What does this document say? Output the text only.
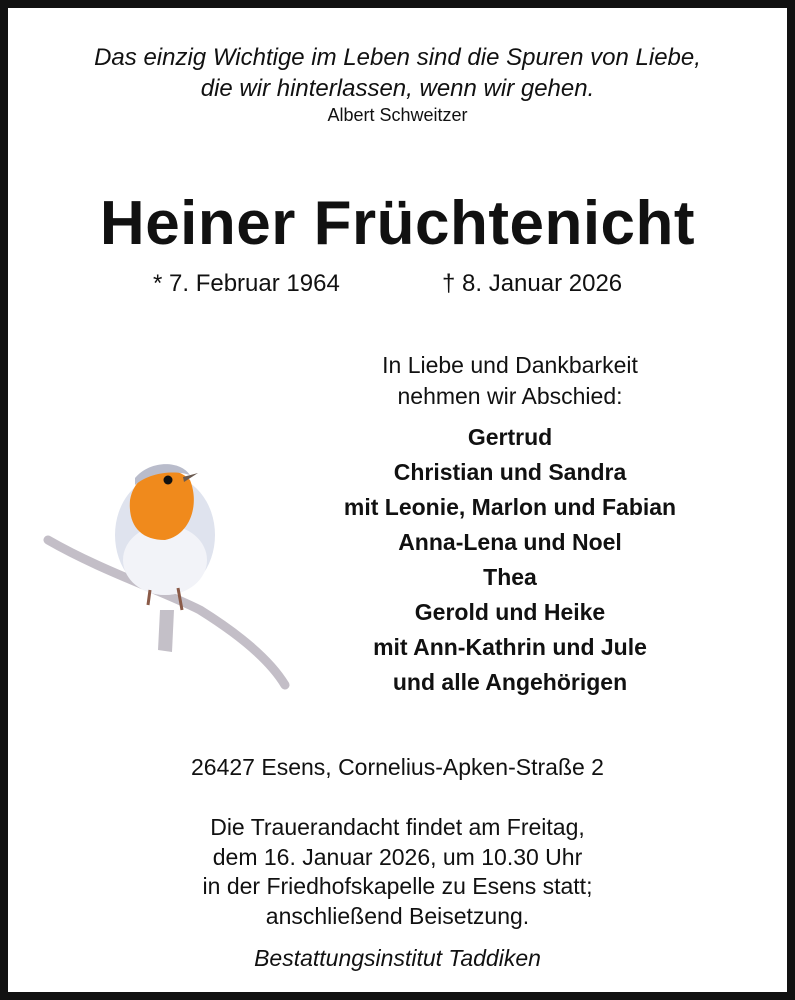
Das einzig Wichtige im Leben sind die Spuren von Liebe,
die wir hinterlassen, wenn wir gehen.
Albert Schweitzer
Heiner Früchtenicht
* 7. Februar 1964	† 8. Januar 2026
In Liebe und Dankbarkeit
nehmen wir Abschied:
Gertrud
Christian und Sandra
mit Leonie, Marlon und Fabian
Anna-Lena und Noel
Thea
Gerold und Heike
mit Ann-Kathrin und Jule
und alle Angehörigen
26427 Esens, Cornelius-Apken-Straße 2
Die Trauerandacht findet am Freitag,
dem 16. Januar 2026, um 10.30 Uhr
in der Friedhofskapelle zu Esens statt;
anschließend Beisetzung.
Bestattungsinstitut Taddiken
